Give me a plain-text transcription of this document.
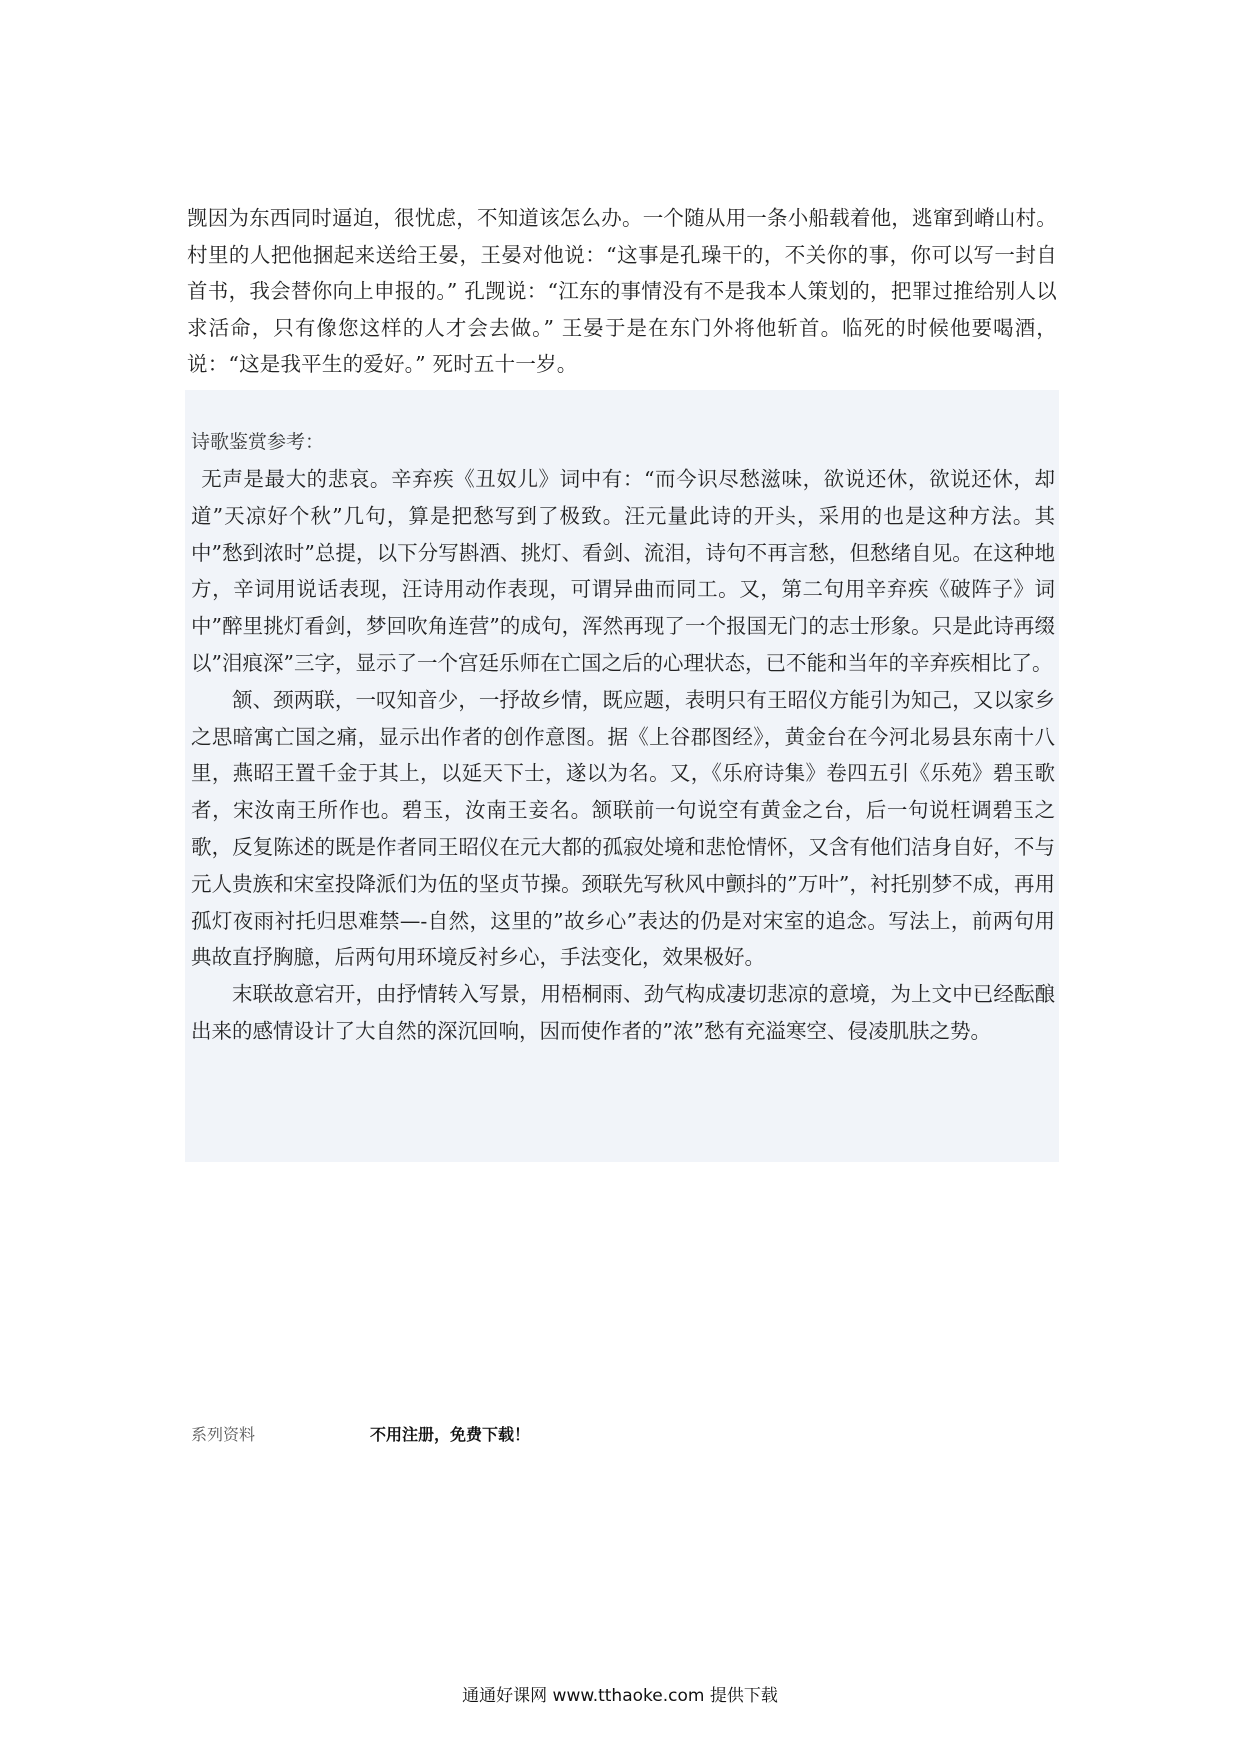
觊因为东西同时逼迫，很忧虑，不知道该怎么办。一个随从用一条小船载着他，逃窜到嵴山村。村里的人把他捆起来送给王晏，王晏对他说：“这事是孔璪干的，不关你的事，你可以写一封自首书，我会替你向上申报的。” 孔觊说：“江东的事情没有不是我本人策划的，把罪过推给别人以求活命，只有像您这样的人才会去做。” 王晏于是在东门外将他斩首。临死的时候他要喝酒，说：“这是我平生的爱好。” 死时五十一岁。

诗歌鉴赏参考：

无声是最大的悲哀。辛弃疾《丑奴儿》词中有：“而今识尽愁滋味，欲说还休，欲说还休，却道”天凉好个秋”几句，算是把愁写到了极致。汪元量此诗的开头，采用的也是这种方法。其中”愁到浓时”总提，以下分写斟酒、挑灯、看剑、流泪，诗句不再言愁，但愁绪自见。在这种地方，辛词用说话表现，汪诗用动作表现，可谓异曲而同工。又，第二句用辛弃疾《破阵子》词中”醉里挑灯看剑，梦回吹角连营”的成句，浑然再现了一个报国无门的志士形象。只是此诗再缀以”泪痕深”三字，显示了一个宫廷乐师在亡国之后的心理状态，已不能和当年的辛弃疾相比了。

颔、颈两联，一叹知音少，一抒故乡情，既应题，表明只有王昭仪方能引为知己，又以家乡之思暗寓亡国之痛，显示出作者的创作意图。据《上谷郡图经》，黄金台在今河北易县东南十八里，燕昭王置千金于其上，以延天下士，遂以为名。又，《乐府诗集》卷四五引《乐苑》碧玉歌者，宋汝南王所作也。碧玉，汝南王妾名。颔联前一句说空有黄金之台，后一句说枉调碧玉之歌，反复陈述的既是作者同王昭仪在元大都的孤寂处境和悲怆情怀，又含有他们洁身自好，不与元人贵族和宋室投降派们为伍的坚贞节操。颈联先写秋风中颤抖的”万叶”，衬托别梦不成，再用孤灯夜雨衬托归思难禁—-自然，这里的”故乡心”表达的仍是对宋室的追念。写法上，前两句用典故直抒胸臆，后两句用环境反衬乡心，手法变化，效果极好。

末联故意宕开，由抒情转入写景，用梧桐雨、劲气构成凄切悲凉的意境，为上文中已经酝酿出来的感情设计了大自然的深沉回响，因而使作者的”浓”愁有充溢寒空、侵凌肌肤之势。

系列资料	不用注册，免费下载！
通通好课网 www.tthaoke.com 提供下载
